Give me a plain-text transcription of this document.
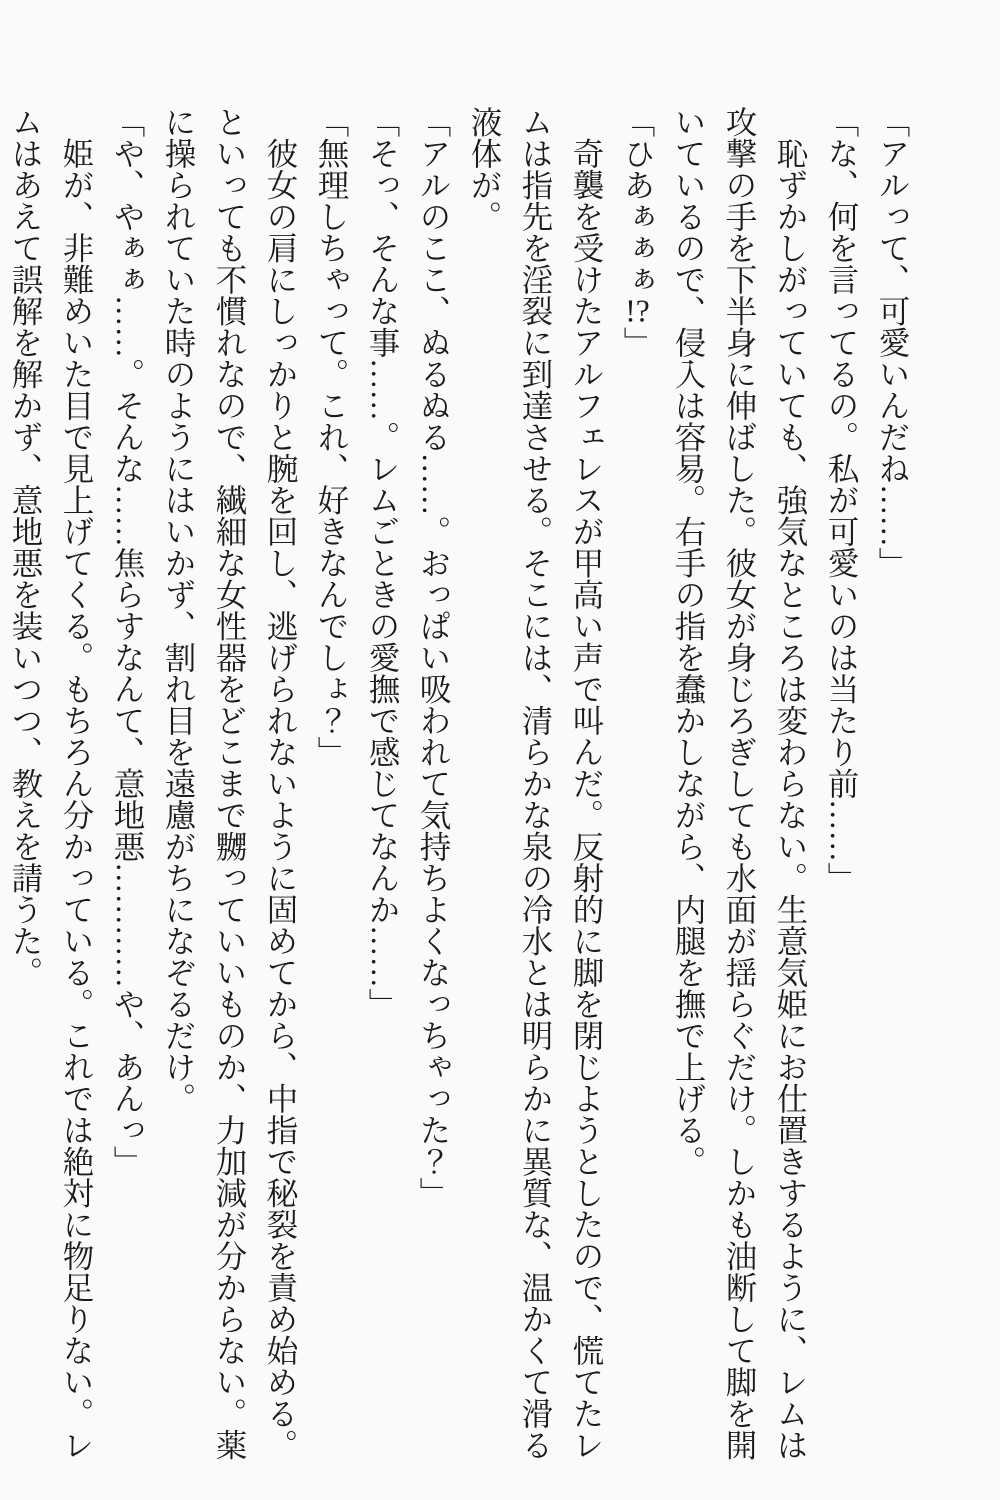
「アルって、可愛いんだね……」

「な、何を言ってるの。私が可愛いのは当たり前……」

　恥ずかしがっていても、強気なところは変わらない。生意気姫にお仕置きするように、レムは

攻撃の手を下半身に伸ばした。彼女が身じろぎしても水面が揺らぐだけ。しかも油断して脚を開

いているので、侵入は容易。右手の指を蠢かしながら、内腿を撫で上げる。

「ひあぁぁぁ!?」

　奇襲を受けたアルフェレスが甲高い声で叫んだ。反射的に脚を閉じようとしたので、慌てたレ

ムは指先を淫裂に到達させる。そこには、清らかな泉の冷水とは明らかに異質な、温かくて滑る

液体が。

「アルのここ、ぬるぬる……。おっぱい吸われて気持ちよくなっちゃった？」

「そっ、そんな事……。レムごときの愛撫で感じてなんか……」

「無理しちゃって。これ、好きなんでしょ？」

　彼女の肩にしっかりと腕を回し、逃げられないように固めてから、中指で秘裂を責め始める。

といっても不慣れなので、繊細な女性器をどこまで嬲っていいものか、力加減が分からない。薬

に操られていた時のようにはいかず、割れ目を遠慮がちになぞるだけ。

「や、やぁぁ……。そんな……焦らすなんて、意地悪…………や、あんっ」

　姫が、非難めいた目で見上げてくる。もちろん分かっている。これでは絶対に物足りない。レ

ムはあえて誤解を解かず、意地悪を装いつつ、教えを請うた。
